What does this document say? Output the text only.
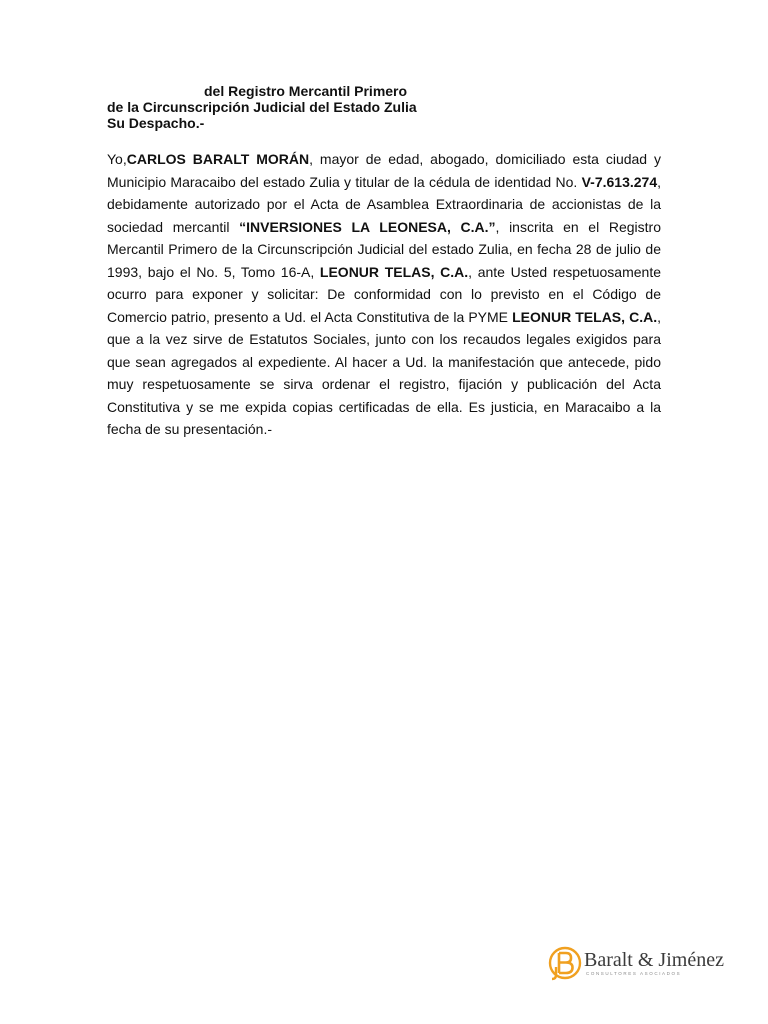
del Registro Mercantil Primero
de la Circunscripción Judicial del Estado Zulia
Su Despacho.-
Yo,CARLOS BARALT MORÁN, mayor de edad, abogado, domiciliado esta ciudad y Municipio Maracaibo del estado Zulia y titular de la cédula de identidad No. V-7.613.274, debidamente autorizado por el Acta de Asamblea Extraordinaria de accionistas de la sociedad mercantil “INVERSIONES LA LEONESA, C.A.”, inscrita en el Registro Mercantil Primero de la Circunscripción Judicial del estado Zulia, en fecha 28 de julio de 1993, bajo el No. 5, Tomo 16-A, LEONUR TELAS, C.A., ante Usted respetuosamente ocurro para exponer y solicitar: De conformidad con lo previsto en el Código de Comercio patrio, presento a Ud. el Acta Constitutiva de la PYME LEONUR TELAS, C.A., que a la vez sirve de Estatutos Sociales, junto con los recaudos legales exigidos para que sean agregados al expediente. Al hacer a Ud. la manifestación que antecede, pido muy respetuosamente se sirva ordenar el registro, fijación y publicación del Acta Constitutiva y se me expida copias certificadas de ella. Es justicia, en Maracaibo a la fecha de su presentación.-
Baralt & Jiménez
CONSULTORES ASOCIADOS
